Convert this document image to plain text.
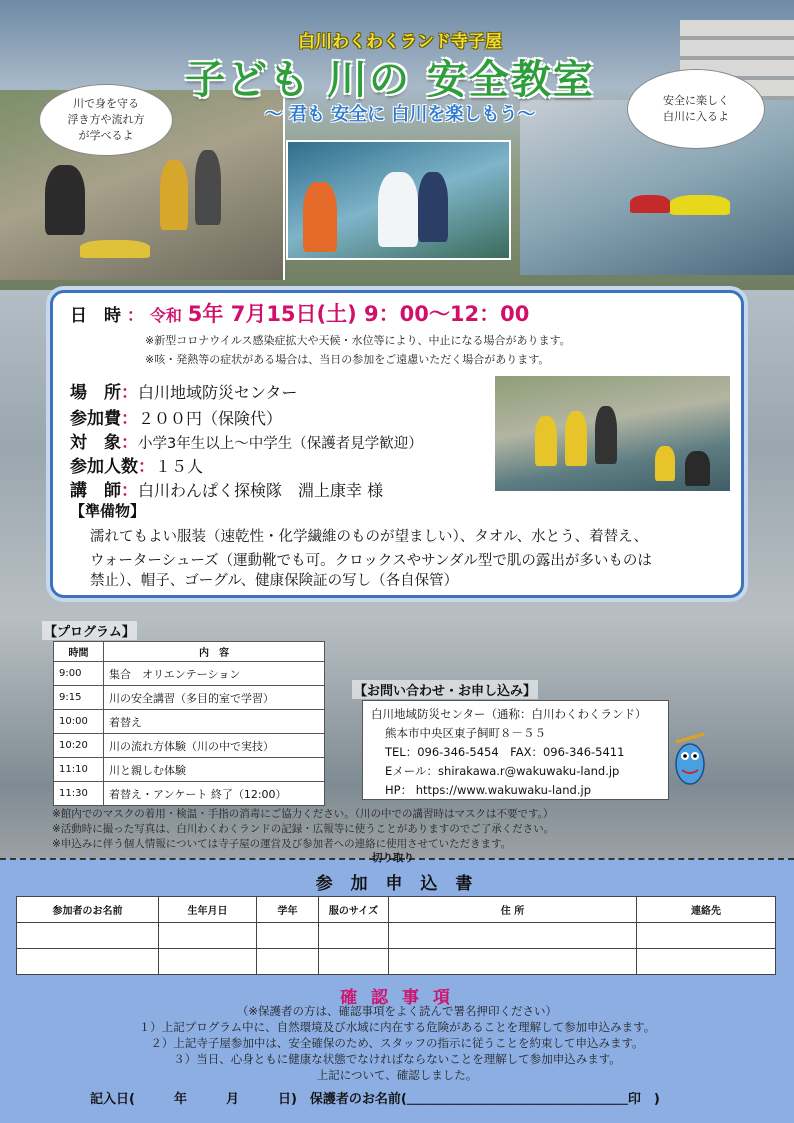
川で身を守る
浮き方や流れ方
が学べるよ
安全に楽しく
白川に入るよ
白川わくわくランド寺子屋
子ども 川の 安全教室
～ 君も 安全に 白川を楽しもう～
日　時 ： 令和 5年 7月15日(土) 9：00～12：00
※新型コロナウイルス感染症拡大や天候・水位等により、中止になる場合があります。
※咳・発熱等の症状がある場合は、当日の参加をご遠慮いただく場合があります。
場　所：白川地域防災センター
参加費：２００円（保険代）
対　象：小学3年生以上～中学生（保護者見学歓迎）
参加人数：１５人
講　師：白川わんぱく探検隊　淵上康幸 様
【準備物】
濡れてもよい服装（速乾性・化学繊維のものが望ましい）、タオル、水とう、着替え、
ウォーターシューズ（運動靴でも可。クロックスやサンダル型で肌の露出が多いものは
禁止）、帽子、ゴーグル、健康保険証の写し（各自保管）
【プログラム】
時間	内　容
9:00	集合　オリエンテーション
9:15	川の安全講習（多目的室で学習）
10:00	着替え
10:20	川の流れ方体験（川の中で実技）
11:10	川と親しむ体験
11:30	着替え・アンケート 終了（12:00）
【お問い合わせ・お申し込み】
白川地域防災センター（通称：白川わくわくランド）
熊本市中央区東子飼町８－５５
TEL：096-346-5454　FAX：096-346-5411
Eメール：shirakawa.r@wakuwaku-land.jp
HP： https://www.wakuwaku-land.jp
※館内でのマスクの着用・検温・手指の消毒にご協力ください。（川の中での講習時はマスクは不要です。）
※活動時に撮った写真は、白川わくわくランドの記録・広報等に使うことがありますのでご了承ください。
※申込みに伴う個人情報については寺子屋の運営及び参加者への連絡に使用させていただきます。
切り取り
参 加 申 込 書
参加者のお名前	生年月日	学年	服のサイズ	住 所	連絡先

確 認 事 項
（※保護者の方は、確認事項をよく読んで署名押印ください）
１）上記プログラム中に、自然環境及び水域に内在する危険があることを理解して参加申込みます。
２）上記寺子屋参加中は、安全確保のため、スタッフの指示に従うことを約束して申込みます。
３）当日、心身ともに健康な状態でなければならないことを理解して参加申込みます。
上記について、確認しました。
記入日(　　　年　　　月　　　日)　保護者のお名前(＿＿＿＿＿＿＿＿＿＿＿＿＿＿＿＿＿印　)
